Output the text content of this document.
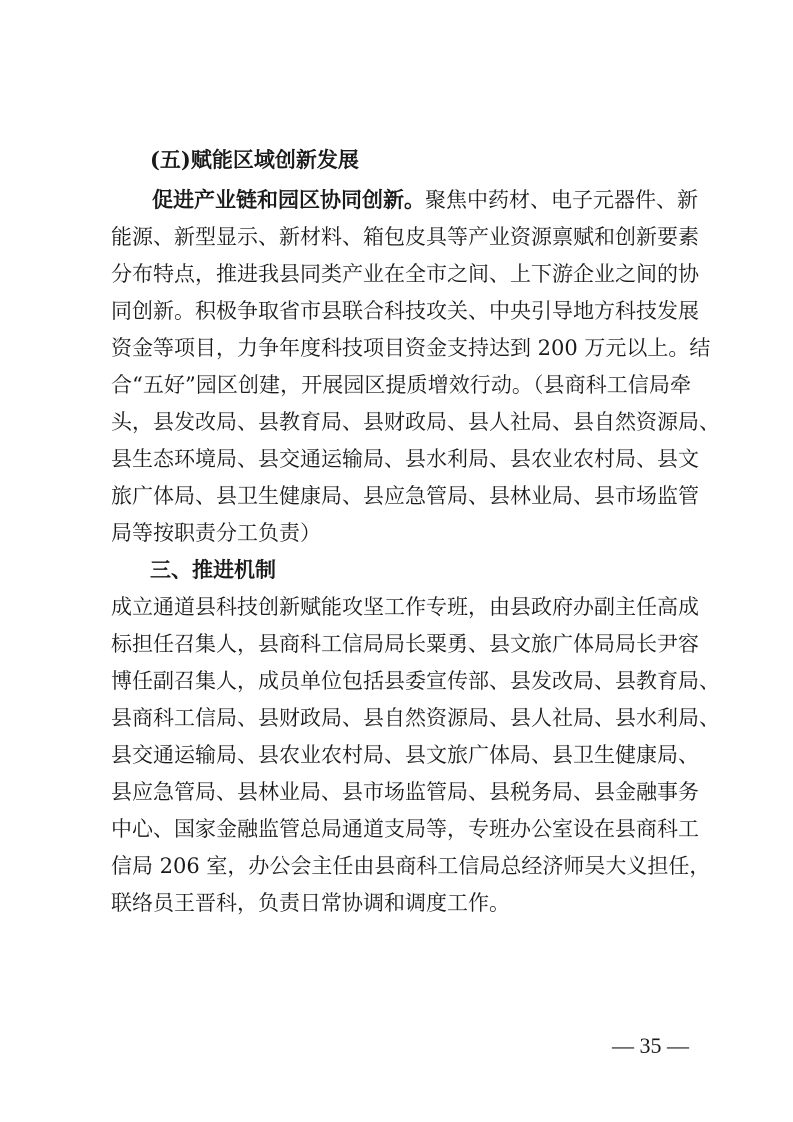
(五)赋能区域创新发展
促进产业链和园区协同创新。聚焦中药材、电子元器件、新
能源、新型显示、新材料、箱包皮具等产业资源禀赋和创新要素
分布特点，推进我县同类产业在全市之间、上下游企业之间的协
同创新。积极争取省市县联合科技攻关、中央引导地方科技发展
资金等项目，力争年度科技项目资金支持达到 200 万元以上。结
合“五好”园区创建，开展园区提质增效行动。（县商科工信局牵
头，县发改局、县教育局、县财政局、县人社局、县自然资源局、
县生态环境局、县交通运输局、县水利局、县农业农村局、县文
旅广体局、县卫生健康局、县应急管局、县林业局、县市场监管
局等按职责分工负责）
三、推进机制
成立通道县科技创新赋能攻坚工作专班，由县政府办副主任高成
标担任召集人，县商科工信局局长粟勇、县文旅广体局局长尹容
博任副召集人，成员单位包括县委宣传部、县发改局、县教育局、
县商科工信局、县财政局、县自然资源局、县人社局、县水利局、
县交通运输局、县农业农村局、县文旅广体局、县卫生健康局、
县应急管局、县林业局、县市场监管局、县税务局、县金融事务
中心、国家金融监管总局通道支局等，专班办公室设在县商科工
信局 206 室，办公会主任由县商科工信局总经济师吴大义担任，
联络员王晋科，负责日常协调和调度工作。
— 35 —
